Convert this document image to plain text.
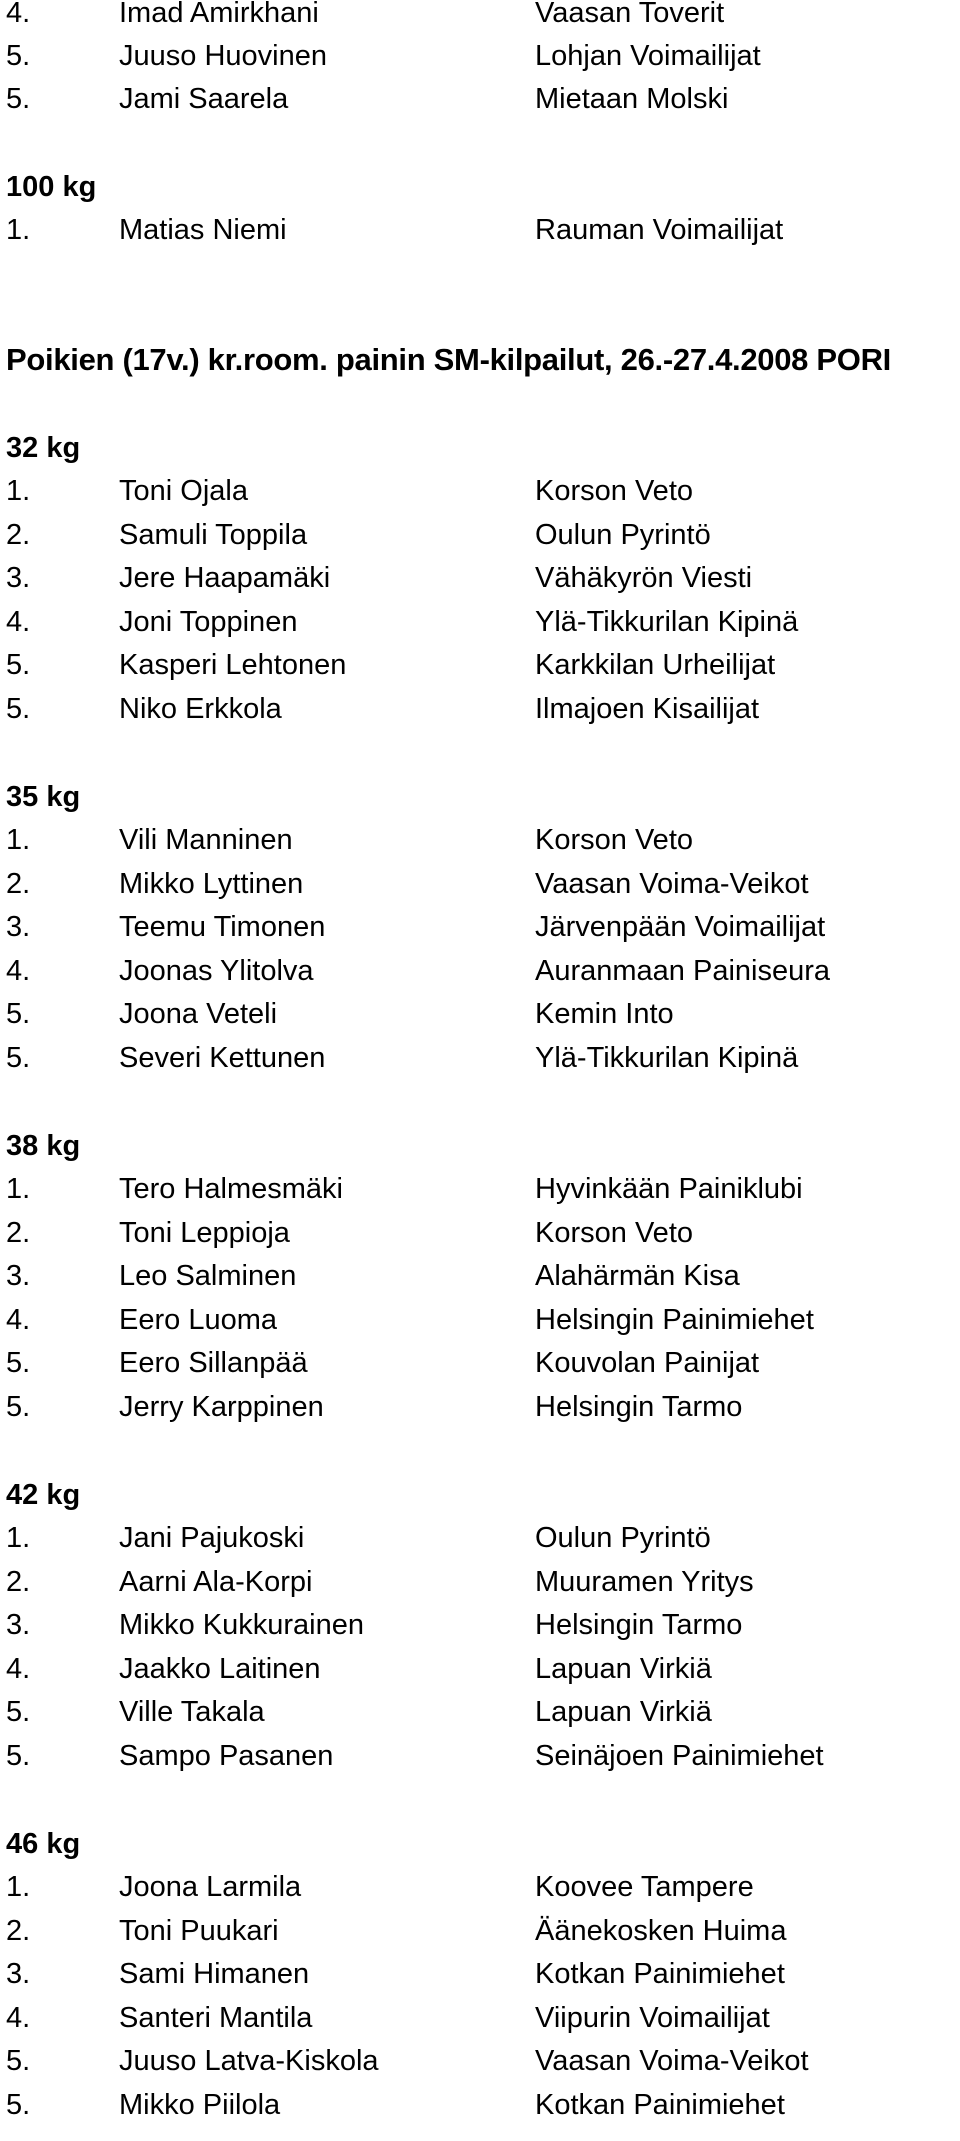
4.	Imad Amirkhani	Vaasan Toverit
5.	Juuso Huovinen	Lohjan Voimailijat
5.	Jami Saarela	Mietaan Molski
100 kg
1.	Matias Niemi	Rauman Voimailijat
Poikien (17v.) kr.room. painin SM-kilpailut, 26.-27.4.2008 PORI
32 kg
1.	Toni Ojala	Korson Veto
2.	Samuli Toppila	Oulun Pyrintö
3.	Jere Haapamäki	Vähäkyrön Viesti
4.	Joni Toppinen	Ylä-Tikkurilan Kipinä
5.	Kasperi Lehtonen	Karkkilan Urheilijat
5.	Niko Erkkola	Ilmajoen Kisailijat
35 kg
1.	Vili Manninen	Korson Veto
2.	Mikko Lyttinen	Vaasan Voima-Veikot
3.	Teemu Timonen	Järvenpään Voimailijat
4.	Joonas Ylitolva	Auranmaan Painiseura
5.	Joona Veteli	Kemin Into
5.	Severi Kettunen	Ylä-Tikkurilan Kipinä
38 kg
1.	Tero Halmesmäki	Hyvinkään Painiklubi
2.	Toni Leppioja	Korson Veto
3.	Leo Salminen	Alahärmän Kisa
4.	Eero Luoma	Helsingin Painimiehet
5.	Eero Sillanpää	Kouvolan Painijat
5.	Jerry Karppinen	Helsingin Tarmo
42 kg
1.	Jani Pajukoski	Oulun Pyrintö
2.	Aarni Ala-Korpi	Muuramen Yritys
3.	Mikko Kukkurainen	Helsingin Tarmo
4.	Jaakko Laitinen	Lapuan Virkiä
5.	Ville Takala	Lapuan Virkiä
5.	Sampo Pasanen	Seinäjoen Painimiehet
46 kg
1.	Joona Larmila	Koovee Tampere
2.	Toni Puukari	Äänekosken Huima
3.	Sami Himanen	Kotkan Painimiehet
4.	Santeri Mantila	Viipurin Voimailijat
5.	Juuso Latva-Kiskola	Vaasan Voima-Veikot
5.	Mikko Piilola	Kotkan Painimiehet
